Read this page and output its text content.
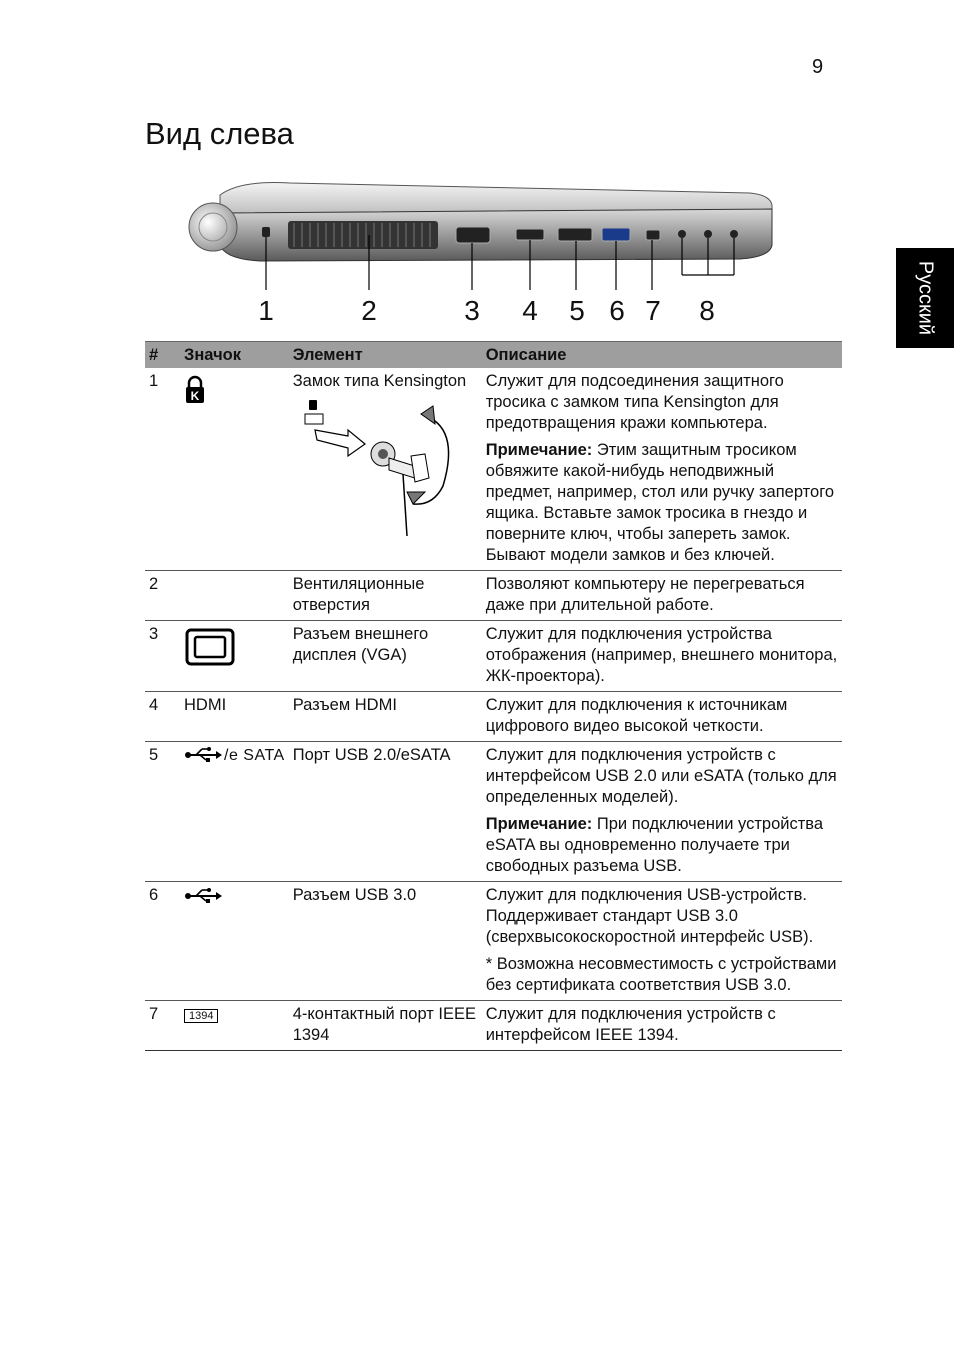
9
Вид слева
Русский
1	2	3 4 5 6 7 8
#	Значок	Элемент	Описание
1	K	Замок типа Kensington	Служит для подсоединения защитного тросика с замком типа Kensington для предотвращения кражи компьютера.

Примечание: Этим защитным тросиком обвяжите какой-нибудь неподвижный предмет, например, стол или ручку запертого ящика. Вставьте замок тросика в гнездо и поверните ключ, чтобы запереть замок. Бывают модели замков и без ключей.

2		Вентиляционные отверстия	Позволяют компьютеру не перегреваться даже при длительной работе.

3		Разъем внешнего дисплея (VGA)	Служит для подключения устройства отображения (например, внешнего монитора, ЖК-проектора).

4	HDMI	Разъем HDMI	Служит для подключения к источникам цифрового видео высокой четкости.

5	/e SATA	Порт USB 2.0/eSATA	Служит для подключения устройств с интерфейсом USB 2.0 или eSATA (только для определенных моделей).

Примечание: При подключении устройства eSATA вы одновременно получаете три свободных разъема USB.

6		Разъем USB 3.0	Служит для подключения USB-устройств. Поддерживает стандарт USB 3.0 (сверхвысокоскоростной интерфейс USB).

* Возможна несовместимость с устройствами без сертификата соответствия USB 3.0.

7	1394	4-контактный порт IEEE 1394	Служит для подключения устройств с интерфейсом IEEE 1394.
